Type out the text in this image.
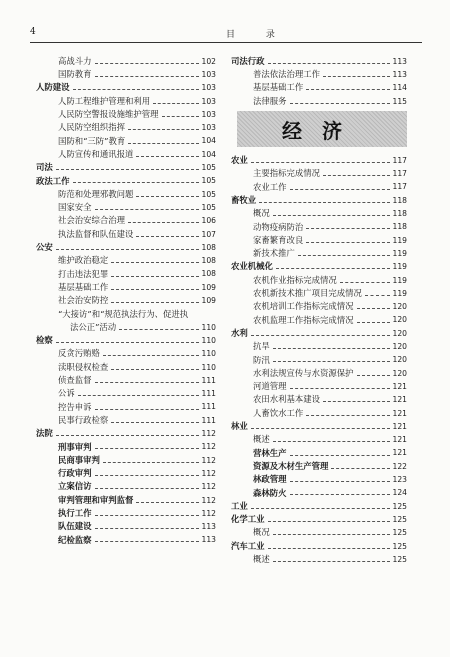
4	目 录
高战斗力	102
国防教育	103
人防建设	103
人防工程维护管理和利用	103
人民防空警报设施维护管理	103
人民防空组织指挥	103
国防和“三防”教育	104
人防宣传和通讯报道	104
司法	105
政法工作	105
防范和处理邪教问题	105
国家安全	105
社会治安综合治理	106
执法监督和队伍建设	107
公安	108
维护政治稳定	108
打击违法犯罪	108
基层基础工作	109
社会治安防控	109
“大接访”和“规范执法行为、促进执
法公正”活动	110
检察	110
反贪污贿赂	110
渎职侵权检查	110
侦查监督	111
公诉	111
控告申诉	111
民事行政检察	111
法院	112
刑事审判	112
民商事审判	112
行政审判	112
立案信访	112
审判管理和审判监督	112
执行工作	112
队伍建设	113
纪检监察	113
司法行政	113
普法依法治理工作	113
基层基础工作	114
法律服务	115
经济
农业	117
主要指标完成情况	117
农业工作	117
畜牧业	118
概况	118
动物疫病防治	118
家畜繁育改良	119
新技术推广	119
农业机械化	119
农机作业指标完成情况	119
农机新技术推广项目完成情况	119
农机培训工作指标完成情况	120
农机监理工作指标完成情况	120
水利	120
抗旱	120
防汛	120
水利法规宣传与水资源保护	120
河道管理	121
农田水利基本建设	121
人畜饮水工作	121
林业	121
概述	121
营林生产	121
资源及木材生产管理	122
林政管理	123
森林防火	124
工业	125
化学工业	125
概况	125
汽车工业	125
概述	125
